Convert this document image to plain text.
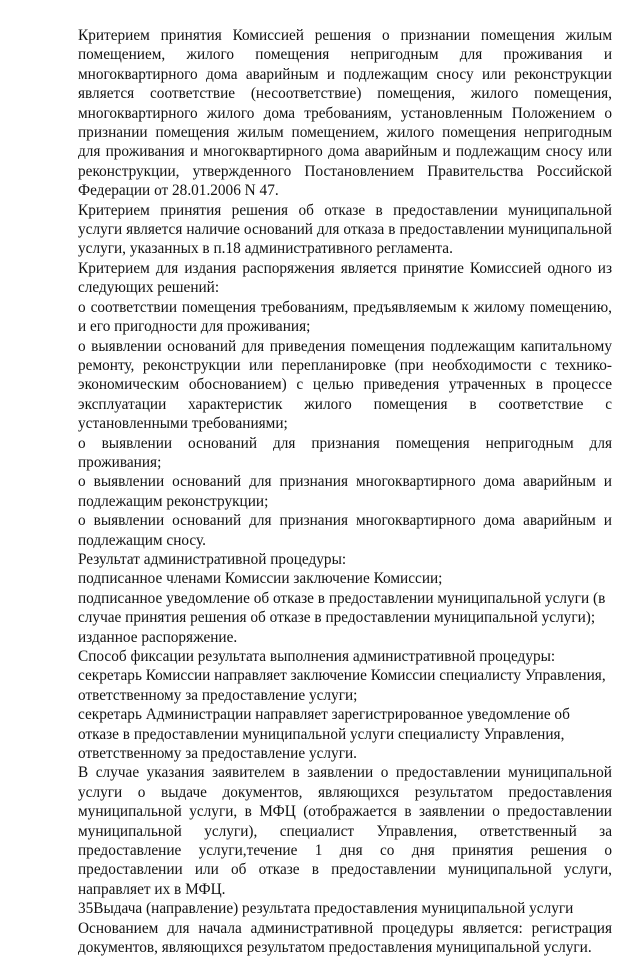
Критерием принятия Комиссией решения о признании помещения жилым помещением, жилого помещения непригодным для проживания и многоквартирного дома аварийным и подлежащим сносу или реконструкции является соответствие (несоответствие) помещения, жилого помещения, многоквартирного жилого дома требованиям, установленным Положением о признании помещения жилым помещением, жилого помещения непригодным для проживания и многоквартирного дома аварийным и подлежащим сносу или реконструкции, утвержденного Постановлением Правительства Российской Федерации от 28.01.2006 N 47.

Критерием принятия решения об отказе в предоставлении муниципальной услуги является наличие оснований для отказа в предоставлении муниципальной услуги, указанных в п.18 административного регламента.

Критерием для издания распоряжения является принятие Комиссией одного из следующих решений:

о соответствии помещения требованиям, предъявляемым к жилому помещению, и его пригодности для проживания;

о выявлении оснований для приведения помещения подлежащим капитальному ремонту, реконструкции или перепланировке (при необходимости с технико-экономическим обоснованием) с целью приведения утраченных в процессе эксплуатации характеристик жилого помещения в соответствие с установленными требованиями;

о выявлении оснований для признания помещения непригодным для проживания;

о выявлении оснований для признания многоквартирного дома аварийным и подлежащим реконструкции;

о выявлении оснований для признания многоквартирного дома аварийным и подлежащим сносу.

Результат административной процедуры:

подписанное членами Комиссии заключение Комиссии;

подписанное уведомление об отказе в предоставлении муниципальной услуги (в случае принятия решения об отказе в предоставлении муниципальной услуги);

изданное распоряжение.

Способ фиксации результата выполнения административной процедуры:

секретарь Комиссии направляет заключение Комиссии специалисту Управления, ответственному за предоставление услуги;

секретарь Администрации направляет зарегистрированное уведомление об отказе в предоставлении муниципальной услуги специалисту Управления, ответственному за предоставление услуги.

В случае указания заявителем в заявлении о предоставлении муниципальной услуги о выдаче документов, являющихся результатом предоставления муниципальной услуги, в МФЦ (отображается в заявлении о предоставлении муниципальной услуги), специалист Управления, ответственный за предоставление услуги,течение 1 дня со дня принятия решения о предоставлении или об отказе в предоставлении муниципальной услуги, направляет их в МФЦ.

35Выдача (направление) результата предоставления муниципальной услуги

Основанием для начала административной процедуры является: регистрация документов, являющихся результатом предоставления муниципальной услуги.
